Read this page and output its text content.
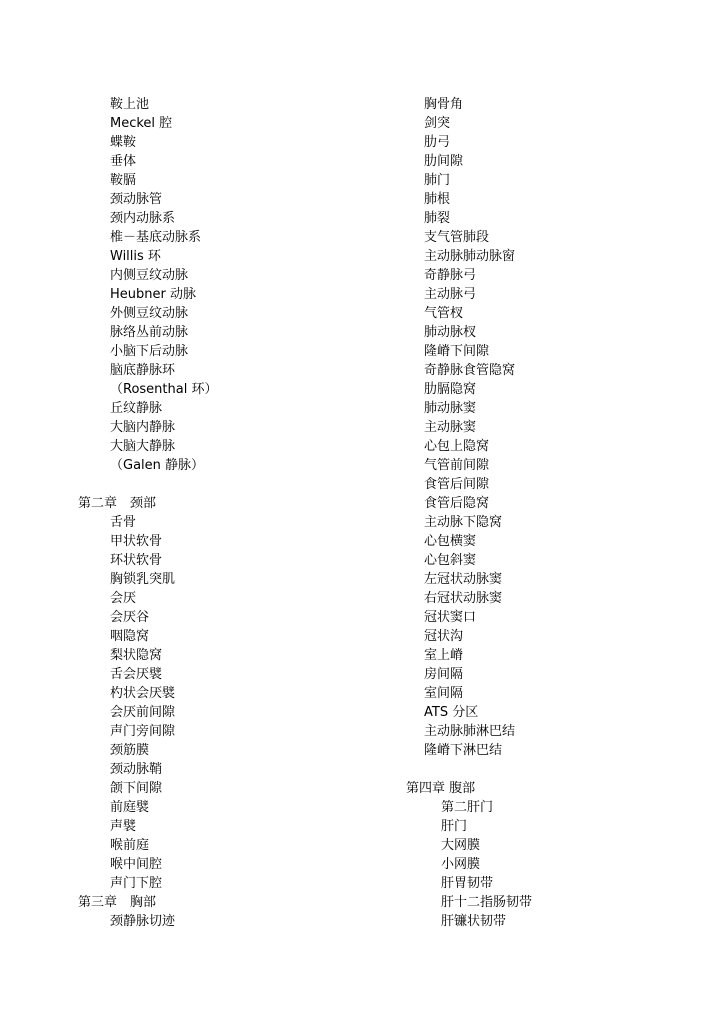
鞍上池
Meckel 腔
蝶鞍
垂体
鞍膈
颈动脉管
颈内动脉系
椎－基底动脉系
Willis 环
内侧豆纹动脉
Heubner 动脉
外侧豆纹动脉
脉络丛前动脉
小脑下后动脉
脑底静脉环
（Rosenthal 环）
丘纹静脉
大脑内静脉
大脑大静脉
（Galen 静脉）
第二章　颈部
舌骨
甲状软骨
环状软骨
胸锁乳突肌
会厌
会厌谷
咽隐窝
梨状隐窝
舌会厌襞
杓状会厌襞
会厌前间隙
声门旁间隙
颈筋膜
颈动脉鞘
颌下间隙
前庭襞
声襞
喉前庭
喉中间腔
声门下腔
第三章　胸部
颈静脉切迹
胸骨角
剑突
肋弓
肋间隙
肺门
肺根
肺裂
支气管肺段
主动脉肺动脉窗
奇静脉弓
主动脉弓
气管杈
肺动脉杈
隆嵴下间隙
奇静脉食管隐窝
肋膈隐窝
肺动脉窦
主动脉窦
心包上隐窝
气管前间隙
食管后间隙
食管后隐窝
主动脉下隐窝
心包横窦
心包斜窦
左冠状动脉窦
右冠状动脉窦
冠状窦口
冠状沟
室上嵴
房间隔
室间隔
ATS 分区
主动脉肺淋巴结
隆嵴下淋巴结
第四章 腹部
第二肝门
肝门
大网膜
小网膜
肝胃韧带
肝十二指肠韧带
肝镰状韧带
